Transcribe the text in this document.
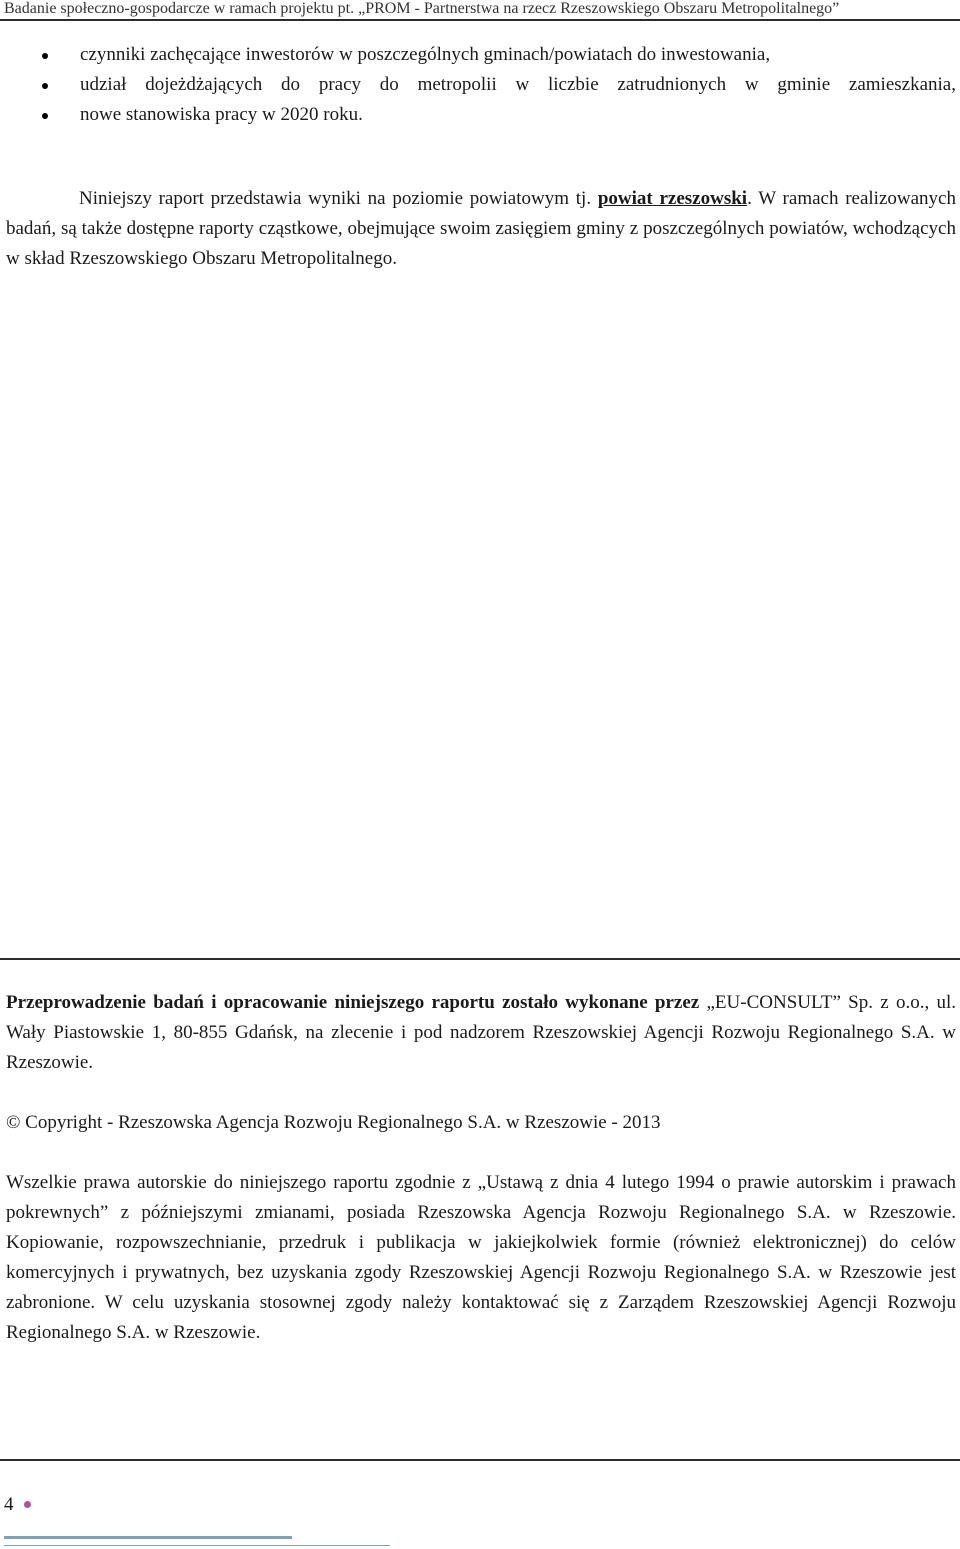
Badanie społeczno-gospodarcze w ramach projektu pt. „PROM - Partnerstwa na rzecz Rzeszowskiego Obszaru Metropolitalnego”
czynniki zachęcające inwestorów w poszczególnych gminach/powiatach do inwestowania,
udział dojeżdżających do pracy do metropolii w liczbie zatrudnionych w gminie zamieszkania,
nowe stanowiska pracy w 2020 roku.

Niniejszy raport przedstawia wyniki na poziomie powiatowym tj. powiat rzeszowski. W ramach realizowanych badań, są także dostępne raporty cząstkowe, obejmujące swoim zasięgiem gminy z poszczególnych powiatów, wchodzących w skład Rzeszowskiego Obszaru Metropolitalnego.

Przeprowadzenie badań i opracowanie niniejszego raportu zostało wykonane przez „EU-CONSULT” Sp. z o.o., ul. Wały Piastowskie 1, 80-855 Gdańsk, na zlecenie i pod nadzorem Rzeszowskiej Agencji Rozwoju Regionalnego S.A. w Rzeszowie.

© Copyright - Rzeszowska Agencja Rozwoju Regionalnego S.A. w Rzeszowie - 2013

Wszelkie prawa autorskie do niniejszego raportu zgodnie z „Ustawą z dnia 4 lutego 1994 o prawie autorskim i prawach pokrewnych” z późniejszymi zmianami, posiada Rzeszowska Agencja Rozwoju Regionalnego S.A. w Rzeszowie. Kopiowanie, rozpowszechnianie, przedruk i publikacja w jakiejkolwiek formie (również elektronicznej) do celów komercyjnych i prywatnych, bez uzyskania zgody Rzeszowskiej Agencji Rozwoju Regionalnego S.A. w Rzeszowie jest zabronione. W celu uzyskania stosownej zgody należy kontaktować się z Zarządem Rzeszowskiej Agencji Rozwoju Regionalnego S.A. w Rzeszowie.

4
